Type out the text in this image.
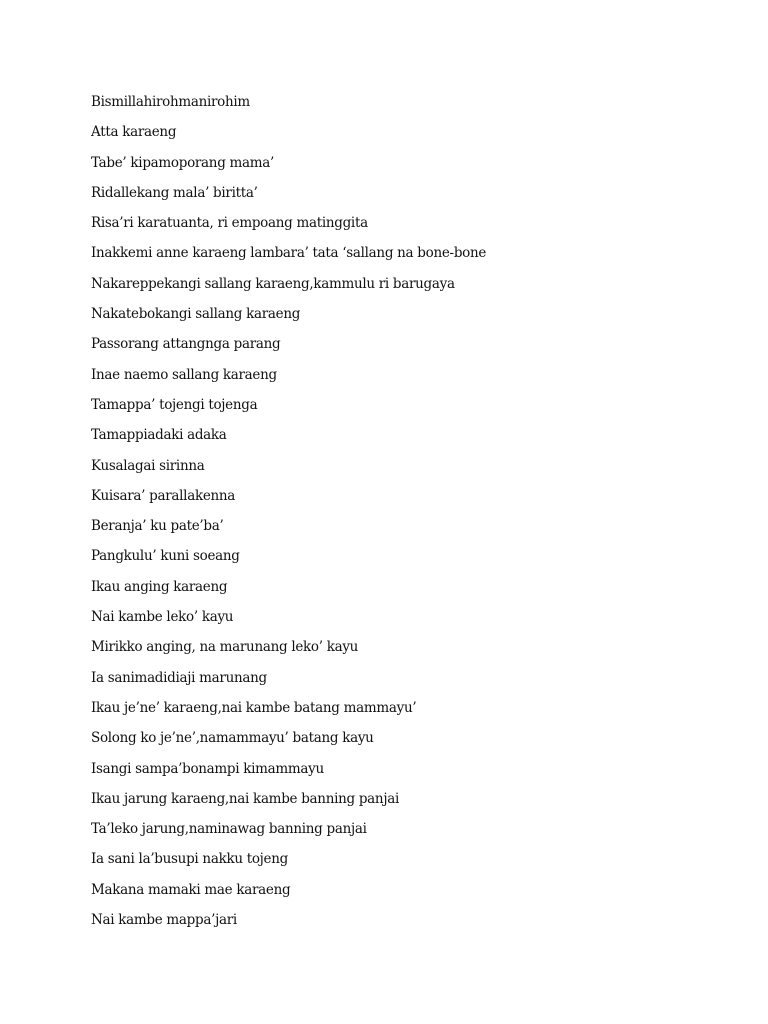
Bismillahirohmanirohim
Atta karaeng
Tabe’ kipamoporang mama’
Ridallekang mala’ biritta’
Risa’ri karatuanta, ri empoang matinggita
Inakkemi anne karaeng lambara’ tata ‘sallang na bone-bone
Nakareppekangi sallang karaeng,kammulu ri barugaya
Nakatebokangi sallang karaeng
Passorang attangnga parang
Inae naemo sallang karaeng
Tamappa’ tojengi tojenga
Tamappiadaki adaka
Kusalagai sirinna
Kuisara’ parallakenna
Beranja’ ku pate’ba’
Pangkulu’ kuni soeang
Ikau anging karaeng
Nai kambe leko’ kayu
Mirikko anging, na marunang leko’ kayu
Ia sanimadidiaji marunang
Ikau je’ne’ karaeng,nai kambe batang mammayu’
Solong ko je’ne’,namammayu’ batang kayu
Isangi sampa’bonampi kimammayu
Ikau jarung karaeng,nai kambe banning panjai
Ta’leko jarung,naminawag banning panjai
Ia sani la’busupi nakku tojeng
Makana mamaki mae karaeng
Nai kambe mappa’jari
